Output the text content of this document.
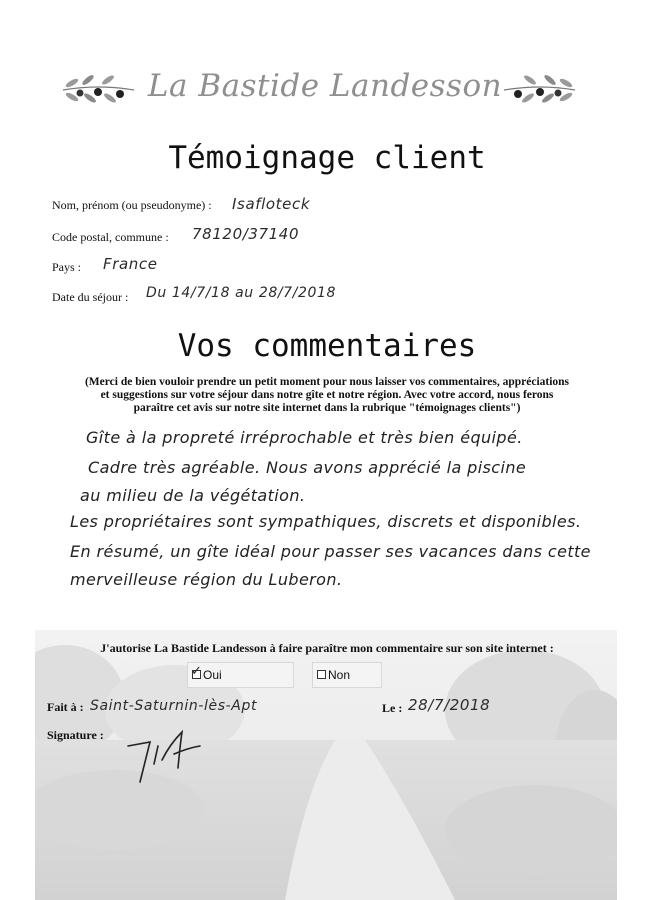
La Bastide Landesson
Témoignage client
Nom, prénom (ou pseudonyme) : Isafloteck
Code postal, commune : 78120/37140
Pays : France
Date du séjour : Du 14/7/18 au 28/7/2018
Vos commentaires
(Merci de bien vouloir prendre un petit moment pour nous laisser vos commentaires, appréciations
et suggestions sur votre séjour dans notre gîte et notre région. Avec votre accord, nous ferons
paraître cet avis sur notre site internet dans la rubrique "témoignages clients")
Gîte à la propreté irréprochable et très bien équipé.
Cadre très agréable. Nous avons apprécié la piscine
au milieu de la végétation.
Les propriétaires sont sympathiques, discrets et disponibles.
En résumé, un gîte idéal pour passer ses vacances dans cette
merveilleuse région du Luberon.
J'autorise La Bastide Landesson à faire paraître mon commentaire sur son site internet :
✓ Oui	Non
Fait à : Saint-Saturnin-lès-Apt	Le : 28/7/2018
Signature :
